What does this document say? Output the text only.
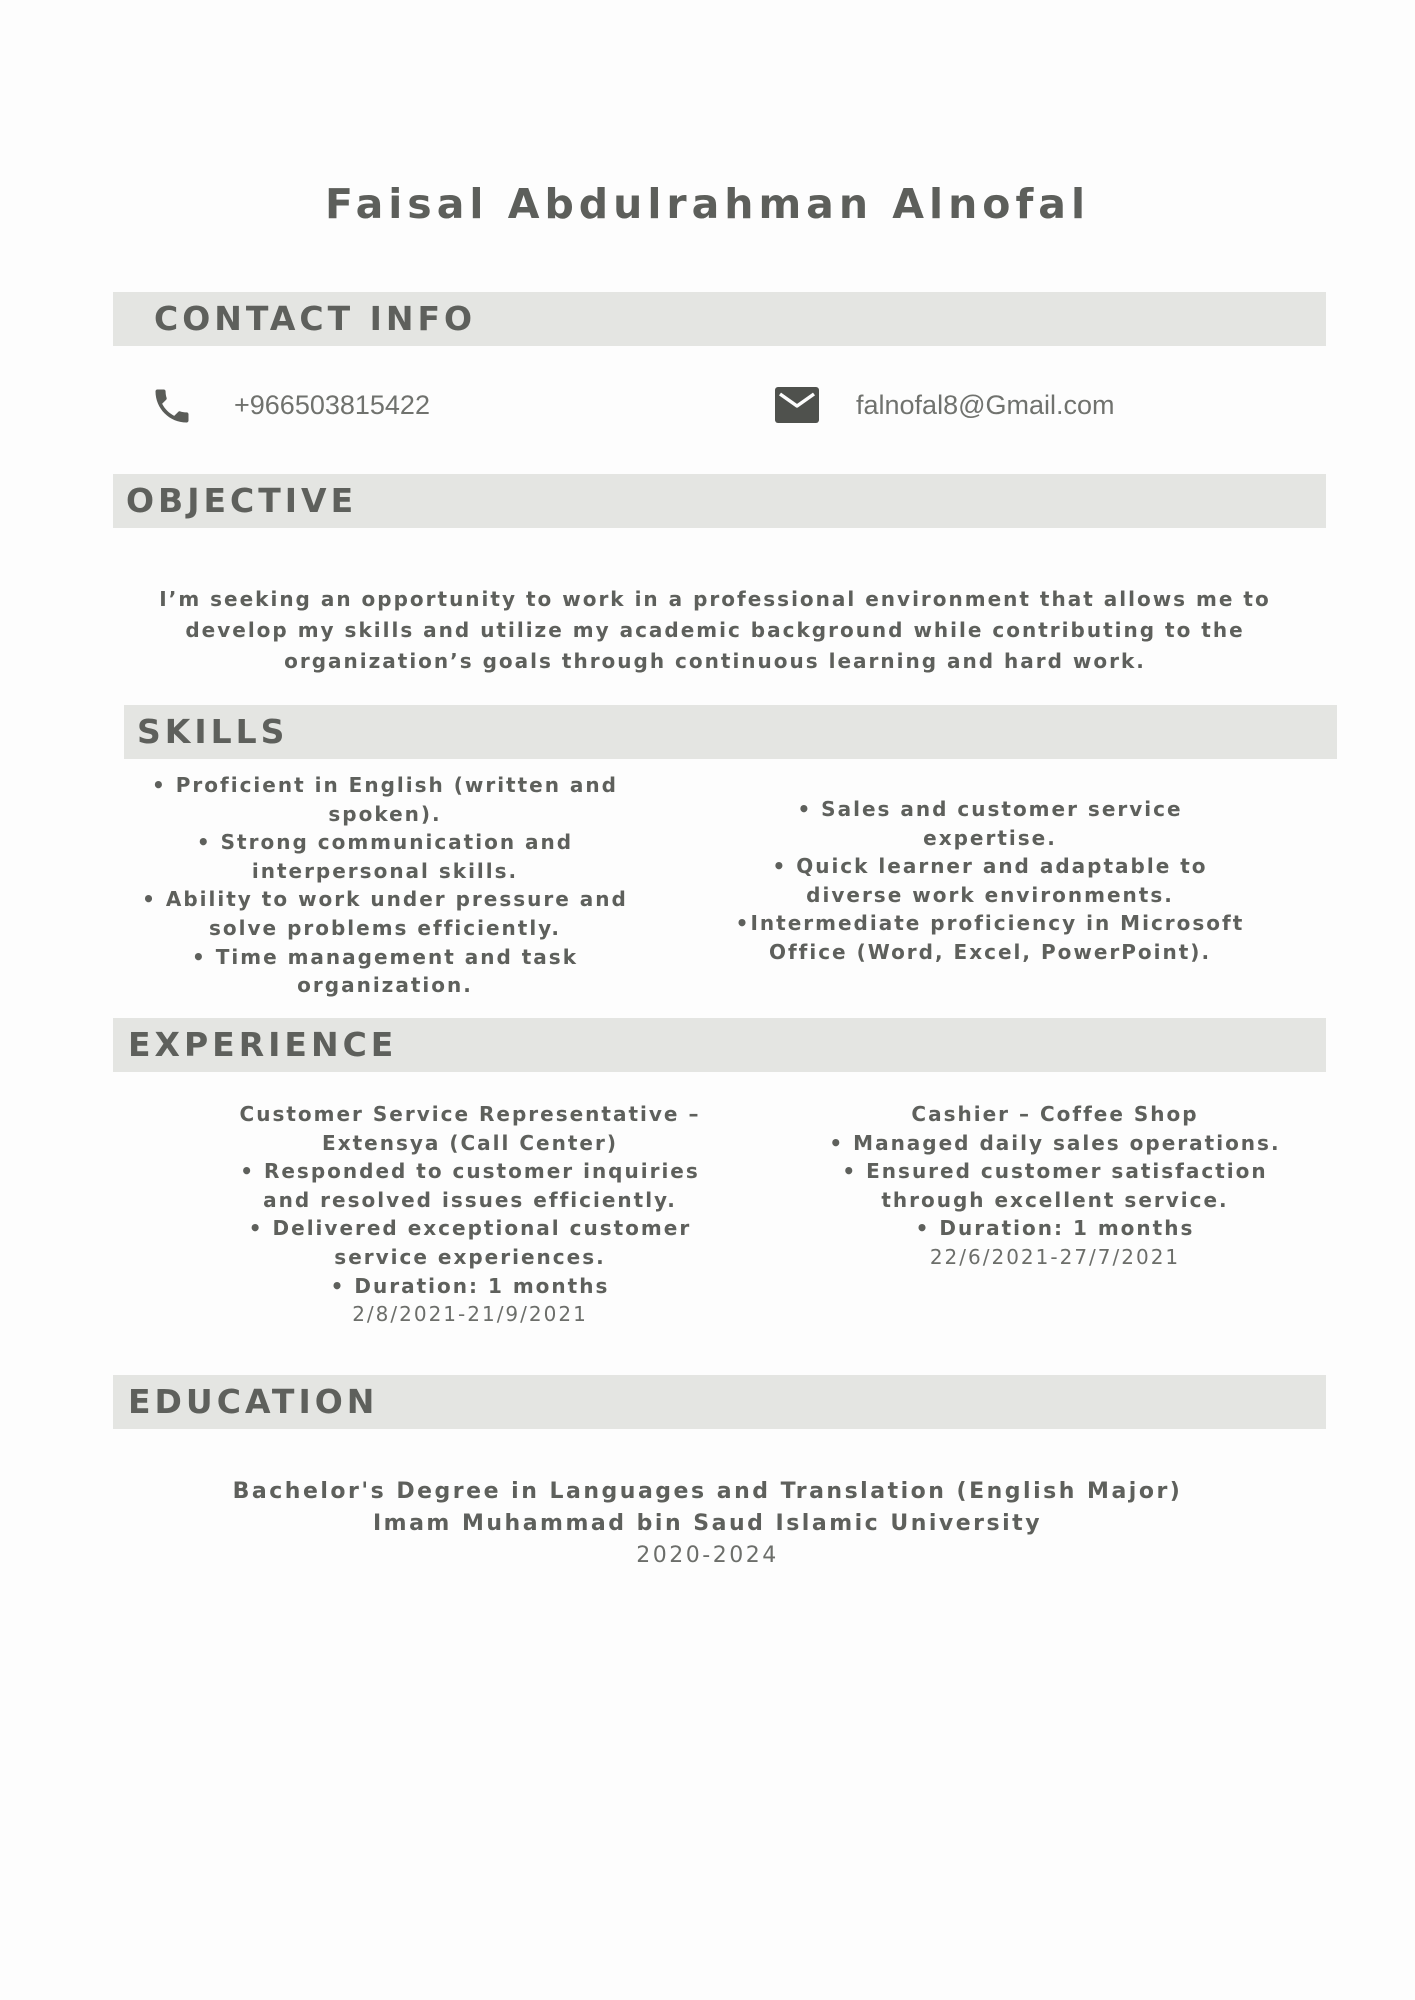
Faisal Abdulrahman Alnofal
CONTACT INFO
+966503815422	falnofal8@Gmail.com
OBJECTIVE
I’m seeking an opportunity to work in a professional environment that allows me to develop my skills and utilize my academic background while contributing to the organization’s goals through continuous learning and hard work.
SKILLS
• Proficient in English (written and spoken).
• Strong communication and interpersonal skills.
• Ability to work under pressure and solve problems efficiently.
• Time management and task organization.
• Sales and customer service expertise.
• Quick learner and adaptable to diverse work environments.
•Intermediate proficiency in Microsoft Office (Word, Excel, PowerPoint).
EXPERIENCE
Customer Service Representative – Extensya (Call Center)
• Responded to customer inquiries and resolved issues efficiently.
• Delivered exceptional customer service experiences.
• Duration: 1 months
2/8/2021-21/9/2021
Cashier – Coffee Shop
• Managed daily sales operations.
• Ensured customer satisfaction through excellent service.
• Duration: 1 months
22/6/2021-27/7/2021
EDUCATION
Bachelor's Degree in Languages and Translation (English Major)
Imam Muhammad bin Saud Islamic University
2020-2024
